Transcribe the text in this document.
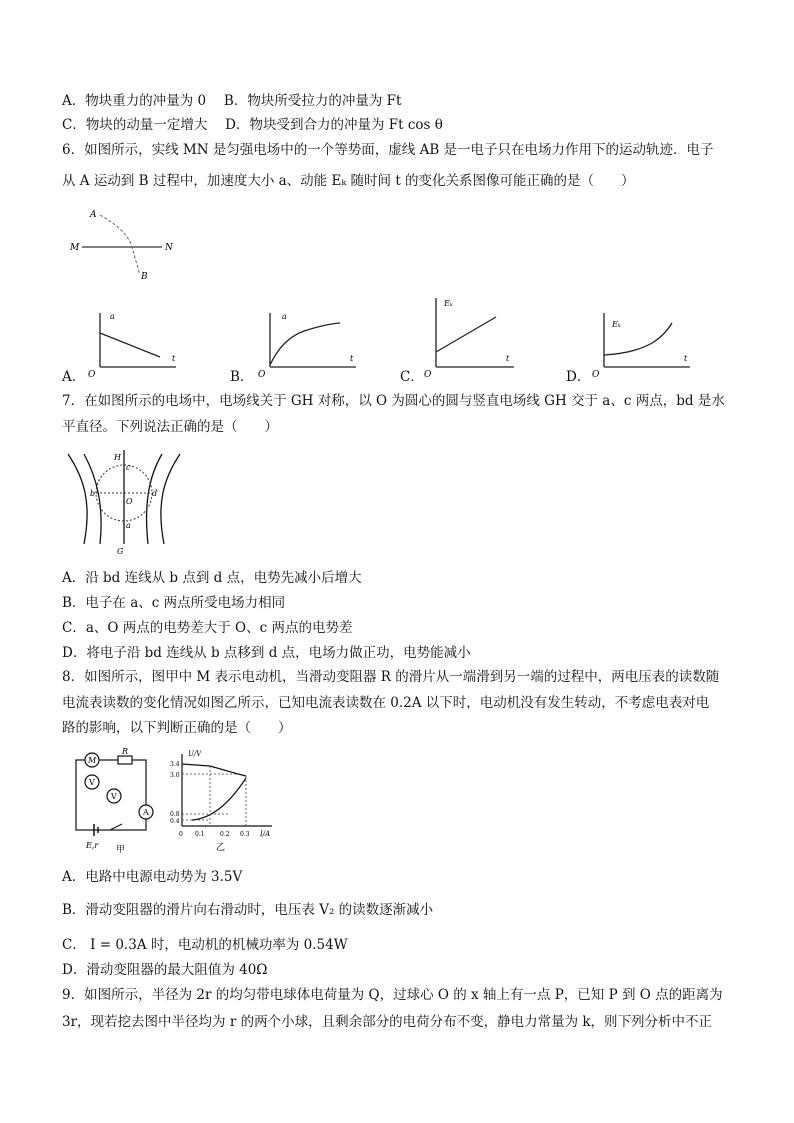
A．物块重力的冲量为 0　 B．物块所受拉力的冲量为 Ft
C．物块的动量一定增大　 D．物块受到合力的冲量为 Ft cos θ
6．如图所示，实线 MN 是匀强电场中的一个等势面，虚线 AB 是一电子只在电场力作用下的运动轨迹．电子
从 A 运动到 B 过程中，加速度大小 a、动能 Eₖ 随时间 t 的变化关系图像可能正确的是（　　）
A
M	N
B
A．
a
t
O	B．
a
t
O	C．
Eₖ
t
O	D．
Eₖ
t
O
7．在如图所示的电场中，电场线关于 GH 对称，以 O 为圆心的圆与竖直电场线 GH 交于 a、c 两点，bd 是水
平直径。下列说法正确的是（　　）
H
c
b	d
O
a
G
A．沿 bd 连线从 b 点到 d 点，电势先减小后增大
B．电子在 a、c 两点所受电场力相同
C．a、O 两点的电势差大于 O、c 两点的电势差
D．将电子沿 bd 连线从 b 点移到 d 点，电场力做正功，电势能减小
8．如图所示，图甲中 M 表示电动机，当滑动变阻器 R 的滑片从一端滑到另一端的过程中，两电压表的读数随
电流表读数的变化情况如图乙所示，已知电流表读数在 0.2A 以下时，电动机没有发生转动，不考虑电表对电
路的影响，以下判断正确的是（　　）
M
R
V
V
A
E,r 甲
U/V
3.4
3.0
0.8
0.4
0 0.1	0.2 0.3 I/A
乙
A．电路中电源电动势为 3.5V
B．滑动变阻器的滑片向右滑动时，电压表 V₂ 的读数逐渐减小
C． I = 0.3A 时，电动机的机械功率为 0.54W
D．滑动变阻器的最大阻值为 40Ω
9．如图所示，半径为 2r 的均匀带电球体电荷量为 Q，过球心 O 的 x 轴上有一点 P，已知 P 到 O 点的距离为
3r，现若挖去图中半径均为 r 的两个小球，且剩余部分的电荷分布不变，静电力常量为 k，则下列分析中不正
